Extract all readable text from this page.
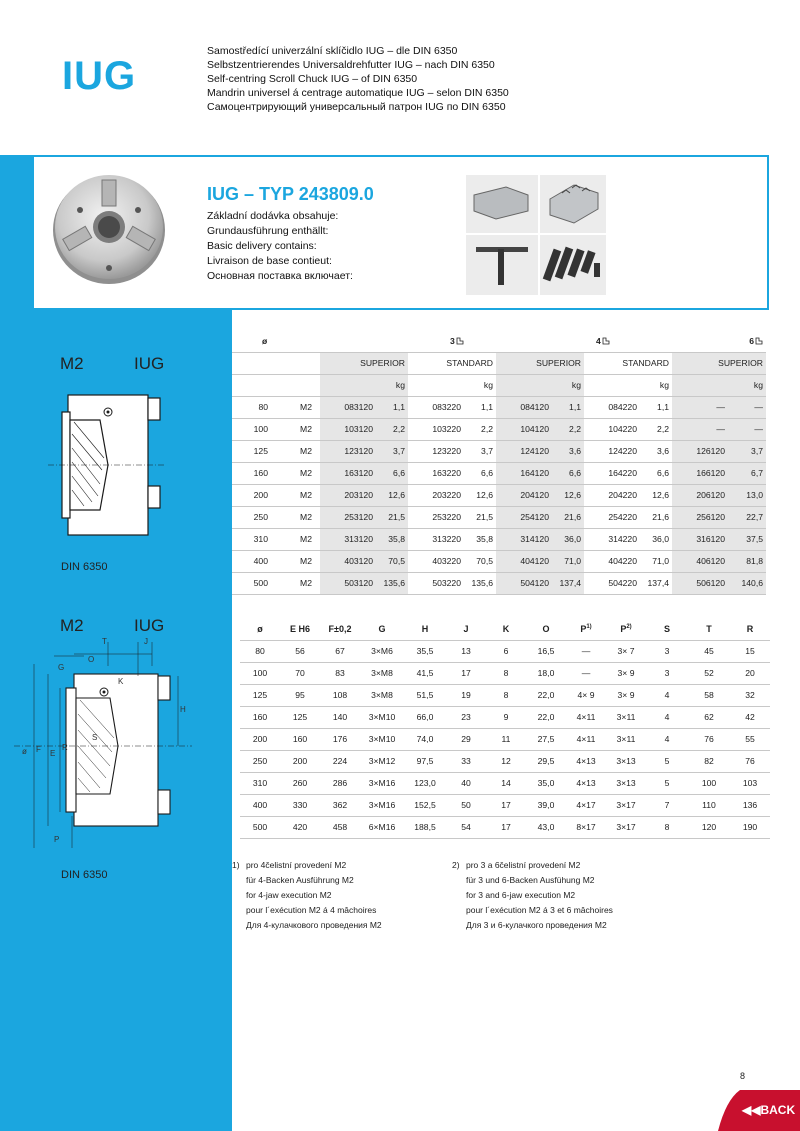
IUG
Samostředící univerzální sklíčidlo IUG – dle DIN 6350
Selbstzentrierendes Universaldrehfutter IUG – nach DIN 6350
Self-centring Scroll Chuck IUG – of DIN 6350
Mandrin universel á centrage automatique IUG – selon DIN 6350
Самоцентрирующий универсальный патрон IUG по DIN 6350
IUG – TYP 243809.0
Základní dodávka obsahuje:
Grundausführung enthällt:
Basic delivery contains:
Livraison de base contieut:
Основная поставка включает:
M2	IUG
DIN 6350
M2	IUG
T	J
G
O
K
H
S
ø F E
R
P
DIN 6350
ø				3				4			6
		SUPERIOR		STANDARD		SUPERIOR		STANDARD		SUPERIOR	
		kg		kg		kg		kg		kg	
80	M2	083120	1,1	083220	1,1	084120	1,1	084220	1,1	—	—
100	M2	103120	2,2	103220	2,2	104120	2,2	104220	2,2	—	—
125	M2	123120	3,7	123220	3,7	124120	3,6	124220	3,6	126120	3,7
160	M2	163120	6,6	163220	6,6	164120	6,6	164220	6,6	166120	6,7
200	M2	203120	12,6	203220	12,6	204120	12,6	204220	12,6	206120	13,0
250	M2	253120	21,5	253220	21,5	254120	21,6	254220	21,6	256120	22,7
310	M2	313120	35,8	313220	35,8	314120	36,0	314220	36,0	316120	37,5
400	M2	403120	70,5	403220	70,5	404120	71,0	404220	71,0	406120	81,8
500	M2	503120	135,6	503220	135,6	504120	137,4	504220	137,4	506120	140,6
ø	E H6	F±0,2	G	H	J	K	O	$P^{1)}$	$P^{2)}$	S	T	R
80	56	67	3×M6	35,5	13	6	16,5	—	3× 7	3	45	15
100	70	83	3×M8	41,5	17	8	18,0	—	3× 9	3	52	20
125	95	108	3×M8	51,5	19	8	22,0	4× 9	3× 9	4	58	32
160	125	140	3×M10	66,0	23	9	22,0	4×11	3×11	4	62	42
200	160	176	3×M10	74,0	29	11	27,5	4×11	3×11	4	76	55
250	200	224	3×M12	97,5	33	12	29,5	4×13	3×13	5	82	76
310	260	286	3×M16	123,0	40	14	35,0	4×13	3×13	5	100	103
400	330	362	3×M16	152,5	50	17	39,0	4×17	3×17	7	110	136
500	420	458	6×M16	188,5	54	17	43,0	8×17	3×17	8	120	190
1) pro 4čelistní provedení M2
für 4-Backen Ausführung M2
for 4-jaw execution M2
pour l´exécution M2 á 4 mâchoires
Для 4-кулачкового проведения M2
2) pro 3 a 6čelistní provedení M2
für 3 und 6-Backen Ausfühung M2
for 3 and 6-jaw execution M2
pour l´exécution M2 á 3 et 6 mâchoires
Для 3 и 6-кулачкого проведения M2
8
◀◀BACK
